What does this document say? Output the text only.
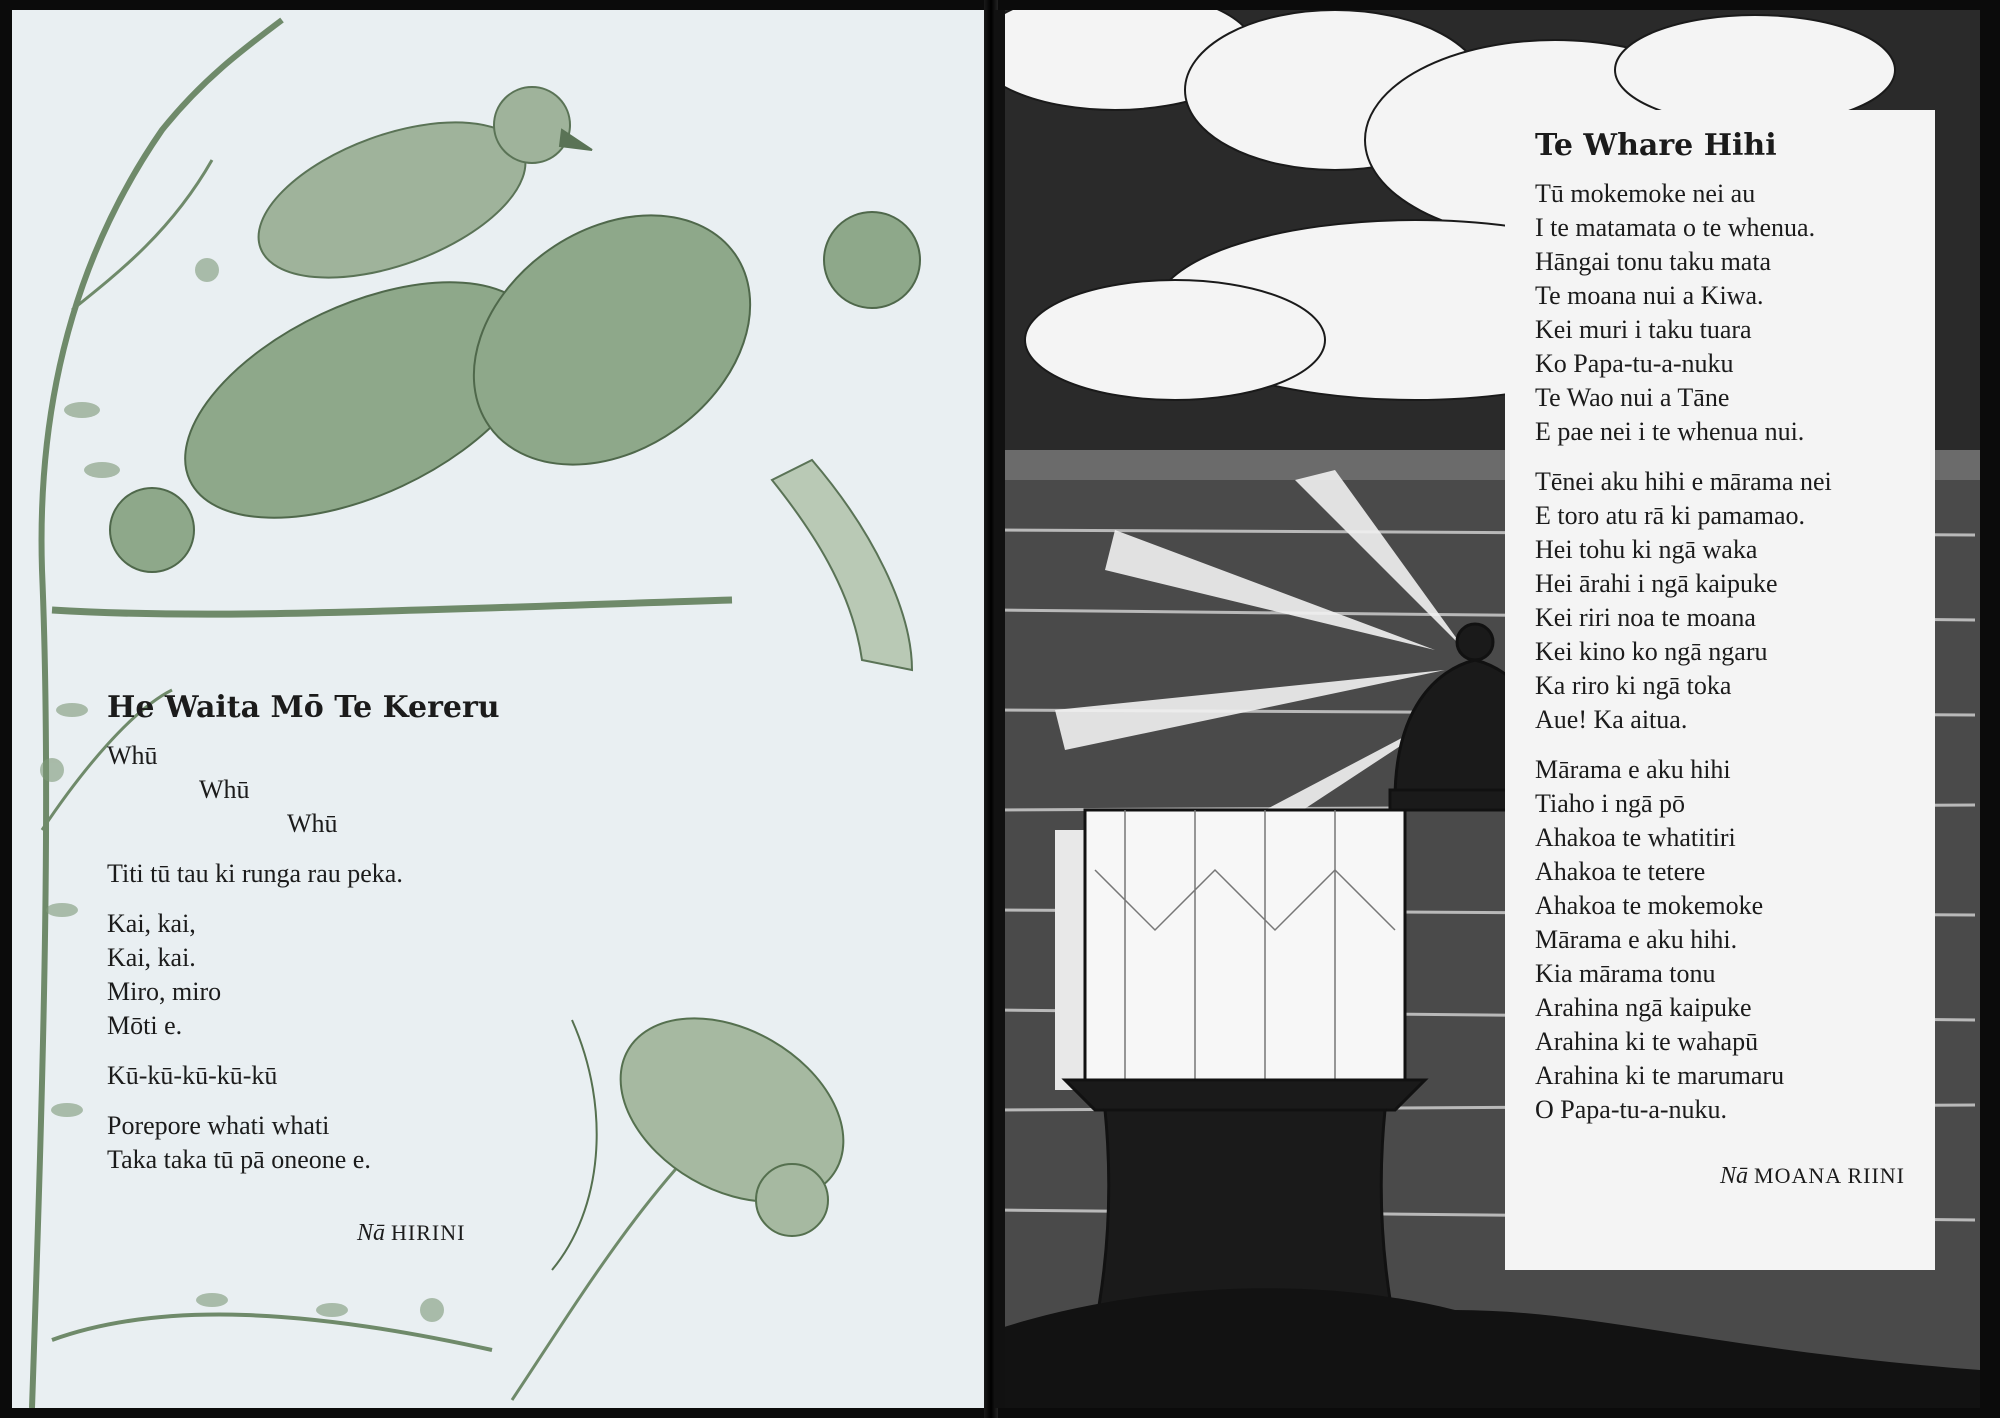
He Waita Mō Te Kereru
Whū
Whū
Whū
Titi tū tau ki runga rau peka.
Kai, kai,
Kai, kai.
Miro, miro
Mōti e.
Kū-kū-kū-kū-kū
Porepore whati whati
Taka taka tū pā oneone e.
Nā HIRINI
Te Whare Hihi
Tū mokemoke nei au
I te matamata o te whenua.
Hāngai tonu taku mata
Te moana nui a Kiwa.
Kei muri i taku tuara
Ko Papa-tu-a-nuku
Te Wao nui a Tāne
E pae nei i te whenua nui.
Tēnei aku hihi e mārama nei
E toro atu rā ki pamamao.
Hei tohu ki ngā waka
Hei ārahi i ngā kaipuke
Kei riri noa te moana
Kei kino ko ngā ngaru
Ka riro ki ngā toka
Aue! Ka aitua.
Mārama e aku hihi
Tiaho i ngā pō
Ahakoa te whatitiri
Ahakoa te tetere
Ahakoa te mokemoke
Mārama e aku hihi.
Kia mārama tonu
Arahina ngā kaipuke
Arahina ki te wahapū
Arahina ki te marumaru
O Papa-tu-a-nuku.
Nā MOANA RIINI
